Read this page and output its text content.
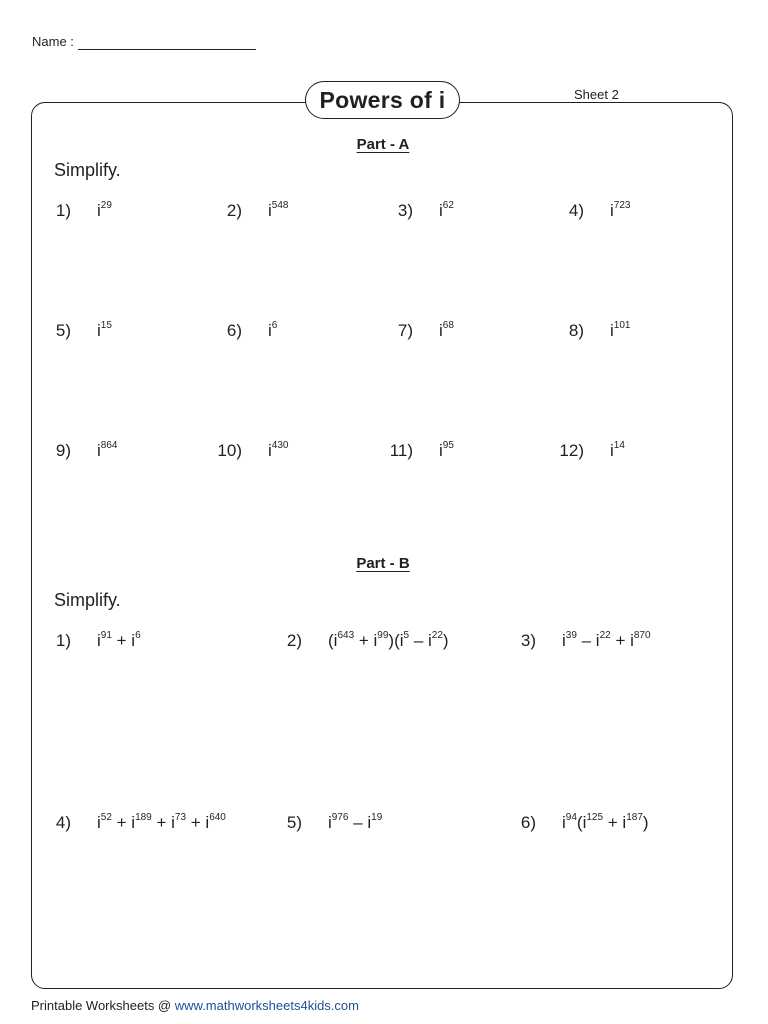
Name :
Powers of i	Sheet 2
Part - A
Simplify.
1) $i^{29}$	2) $i^{548}$	3) $i^{62}$	4) $i^{723}$
5) $i^{15}$	6) $i^6$	7) $i^{68}$	8) $i^{101}$
9) $i^{864}$	10) $i^{430}$	11) $i^{95}$	12) $i^{14}$
Part - B
Simplify.
1) $i^{91} + i^6$	2) $(i^{643} + i^{99})(i^5 - i^{22})$	3) $i^{39} - i^{22} + i^{870}$
4) $i^{52} + i^{189} + i^{73} + i^{640}$	5) $i^{976} - i^{19}$	6) $i^{94}(i^{125} + i^{187})$
Printable Worksheets @ www.mathworksheets4kids.com
